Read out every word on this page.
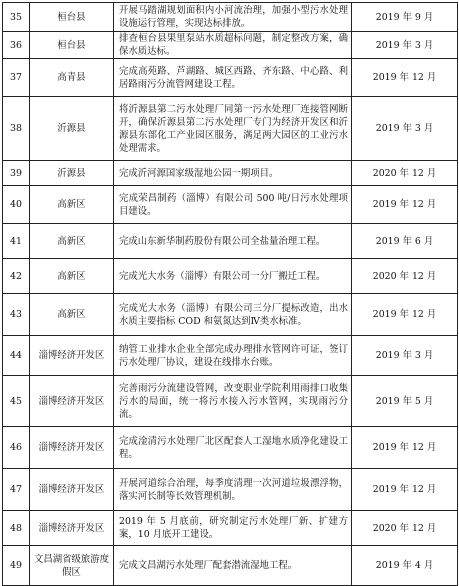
35	桓台县	开展马踏湖规划面积内小河流治理，加强小型污水处理设施运行管理，实现达标排放。	2019 年 9 月
36	桓台县	排查桓台县果里泵站水质超标问题，制定整改方案，确保水质达标。	2019 年 3 月
37	高青县	完成高苑路、芦湖路、城区西路、齐东路、中心路、利居路雨污分流管网建设工程。	2019 年 12 月
38	沂源县	将沂源县第二污水处理厂同第一污水处理厂连接管网断开，确保沂源县第二污水处理厂专门为经济开发区和沂源县东部化工产业园区服务，满足两大园区的工业污水处理需求。	2019 年 3 月
39	沂源县	完成沂河源国家级湿地公园一期项目。	2020 年 12 月
40	高新区	完成荣昌制药（淄博）有限公司 500 吨/日污水处理项目建设。	2019 年 12 月
41	高新区	完成山东新华制药股份有限公司全盐量治理工程。	2019 年 6 月
42	高新区	完成光大水务（淄博）有限公司一分厂搬迁工程。	2020 年 12 月
43	高新区	完成光大水务（淄博）有限公司三分厂提标改造，出水水质主要指标 COD 和氨氮达到Ⅳ类水标准。	2019 年 12 月
44	淄博经济开发区	纳管工业排水企业全部完成办理排水管网许可证，签订污水处理厂协议，建设在线排水台账。	2019 年 3 月
45	淄博经济开发区	完善雨污分流建设管网，改变职业学院利用雨排口收集污水的局面，统一将污水接入污水管网，实现雨污分流。	2019 年 5 月
46	淄博经济开发区	完成淦清污水处理厂北区配套人工湿地水质净化建设工程。	2019 年 12 月
47	淄博经济开发区	开展河道综合治理，每季度清理一次河道垃圾漂浮物，落实河长制等长效管理机制。	2019 年 12 月
48	淄博经济开发区	2019 年 5 月底前，研究制定污水处理厂新、扩建方案，10 月底开工建设。	2020 年 12 月
49	文昌湖省级旅游度假区	完成文昌湖污水处理厂配套潜流湿地工程。	2019 年 4 月
